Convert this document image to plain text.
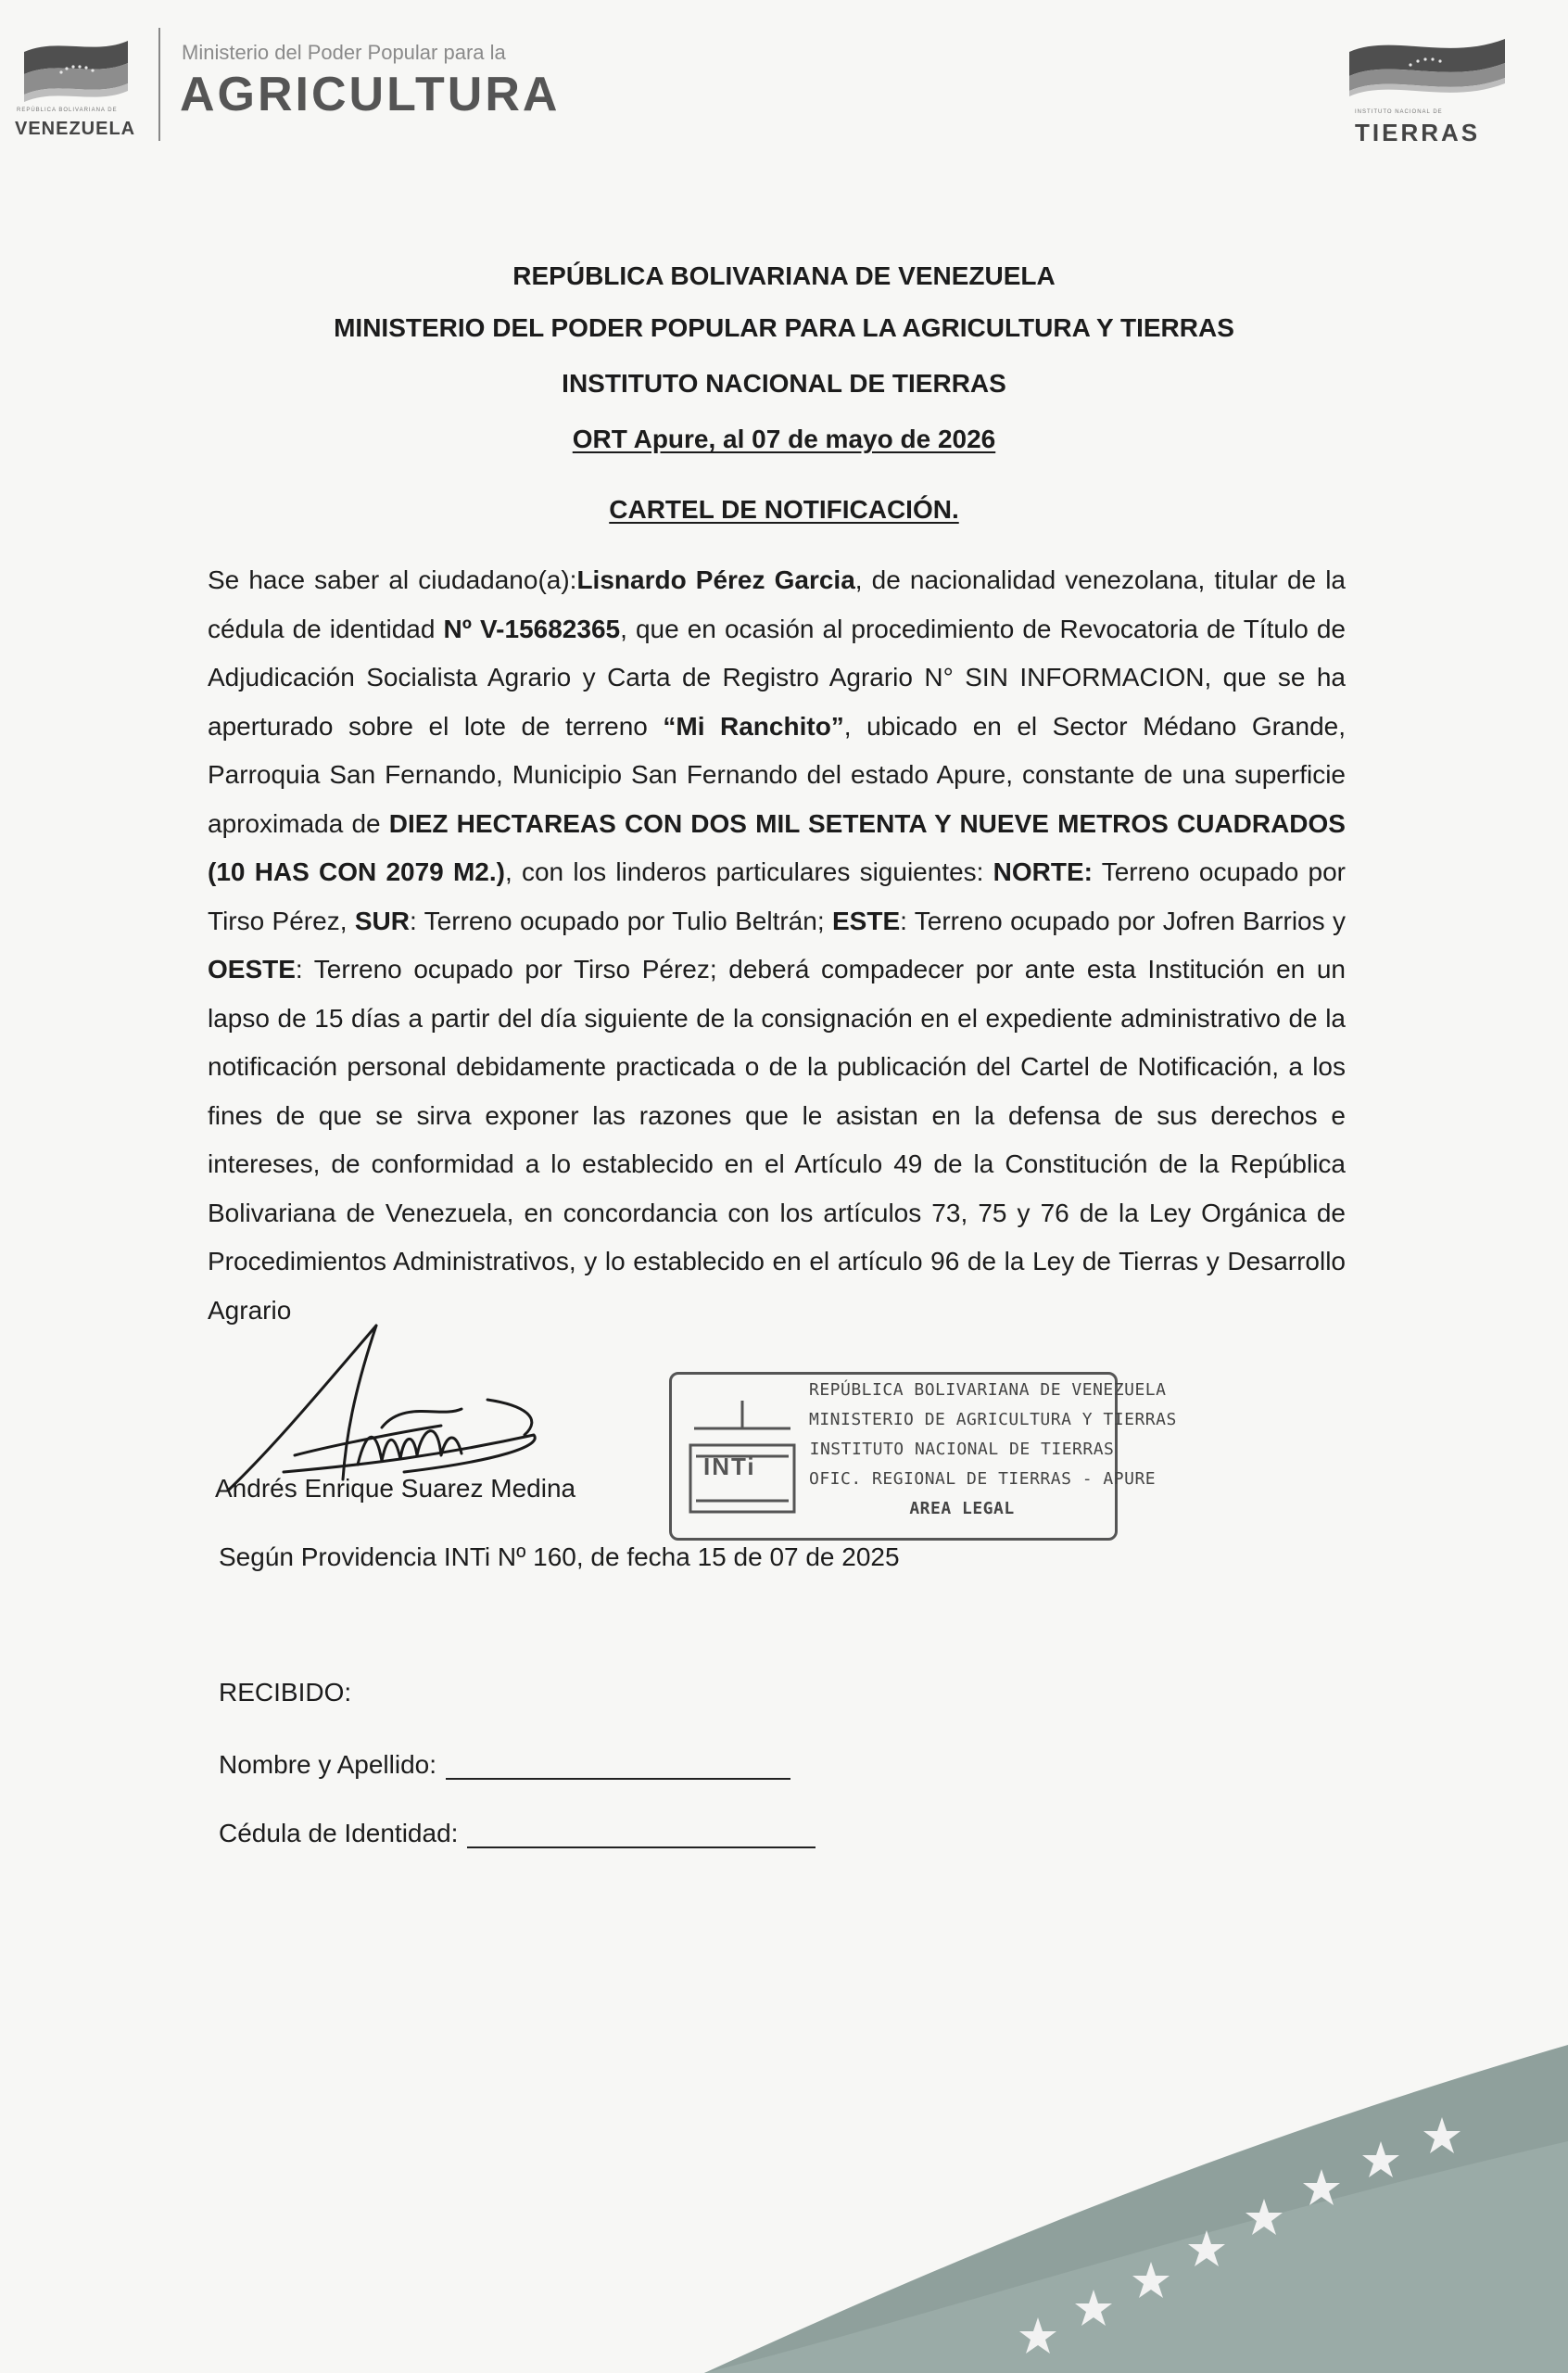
REPÚBLICA BOLIVARIANA DE
VENEZUELA
Ministerio del Poder Popular para la
AGRICULTURA	INSTITUTO NACIONAL DE
TIERRAS
REPÚBLICA BOLIVARIANA DE VENEZUELA
MINISTERIO DEL PODER POPULAR PARA LA AGRICULTURA Y TIERRAS
INSTITUTO NACIONAL DE TIERRAS
ORT Apure, al 07 de mayo de 2026
CARTEL DE NOTIFICACIÓN.
Se hace saber al ciudadano(a):Lisnardo Pérez Garcia, de nacionalidad venezolana, titular de la cédula de identidad Nº V-15682365, que en ocasión al procedimiento de Revocatoria de Título de Adjudicación Socialista Agrario y Carta de Registro Agrario N° SIN INFORMACION, que se ha aperturado sobre el lote de terreno “Mi Ranchito”, ubicado en el Sector Médano Grande, Parroquia San Fernando, Municipio San Fernando del estado Apure, constante de una superficie aproximada de DIEZ HECTAREAS CON DOS MIL SETENTA Y NUEVE METROS CUADRADOS (10 HAS CON 2079 M2.), con los linderos particulares siguientes: NORTE: Terreno ocupado por Tirso Pérez, SUR: Terreno ocupado por Tulio Beltrán; ESTE: Terreno ocupado por Jofren Barrios y OESTE: Terreno ocupado por Tirso Pérez; deberá compadecer por ante esta Institución en un lapso de 15 días a partir del día siguiente de la consignación en el expediente administrativo de la notificación personal debidamente practicada o de la publicación del Cartel de Notificación, a los fines de que se sirva exponer las razones que le asistan en la defensa de sus derechos e intereses, de conformidad a lo establecido en el Artículo 49 de la Constitución de la República Bolivariana de Venezuela, en concordancia con los artículos 73, 75 y 76 de la Ley Orgánica de Procedimientos Administrativos, y lo establecido en el artículo 96 de la Ley de Tierras y Desarrollo Agrario
Andrés Enrique Suarez Medina
INTi
REPÚBLICA BOLIVARIANA DE VENEZUELA
MINISTERIO DE AGRICULTURA Y TIERRAS
INSTITUTO NACIONAL DE TIERRAS
OFIC. REGIONAL DE TIERRAS - APURE
AREA LEGAL
Según Providencia INTi Nº 160, de fecha 15 de 07 de 2025
RECIBIDO:
Nombre y Apellido:
Cédula de Identidad:
